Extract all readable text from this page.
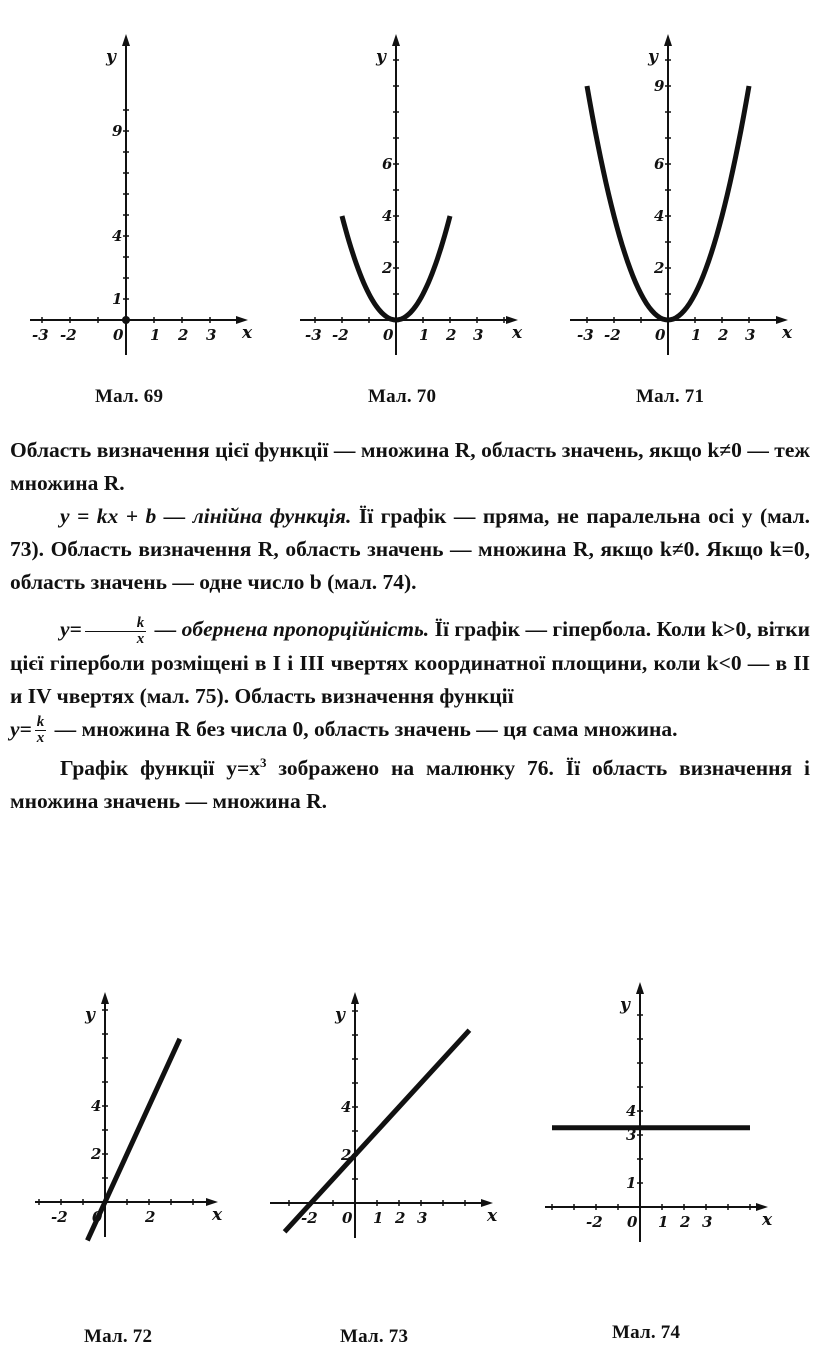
x
y
-3 -2 0 1 2 3
1
4
9
x
y
-3 -2 0 1 2 3
2
4
6
x
y
-3 -2 0 1 2 3
2
4
6
9
Мал. 69	Мал. 70	Мал. 71

Область визначення цієї функції — множина R, область значень, якщо k≠0 — теж множина R.

y = kx + b — лінійна функція. Її графік — пряма, не паралельна осі y (мал. 73). Область визначення R, область значень — множина R, якщо k≠0. Якщо k=0, область значень — одне число b (мал. 74).

$y= \frac{k}{x}$ — обернена пропорційність. Її графік — гіпербола. Коли k>0, вітки цієї гіперболи розміщені в I і III чвертях координатної площини, коли k<0 — в II и IV чвертях (мал. 75). Область визначення функції

$y= \frac{k}{x}$ — множина R без числа 0, область значень — ця сама множина.

Графік функції $y=x^3$ зображено на малюнку 76. Її область визначення і множина значень — множина R.

x
y
-2 0	2
2
4
x
y
-2 0 1 2 3
2
4
x
y
-2 0 1 2 3
1
3
4
Мал. 72	Мал. 73	Мал. 74
